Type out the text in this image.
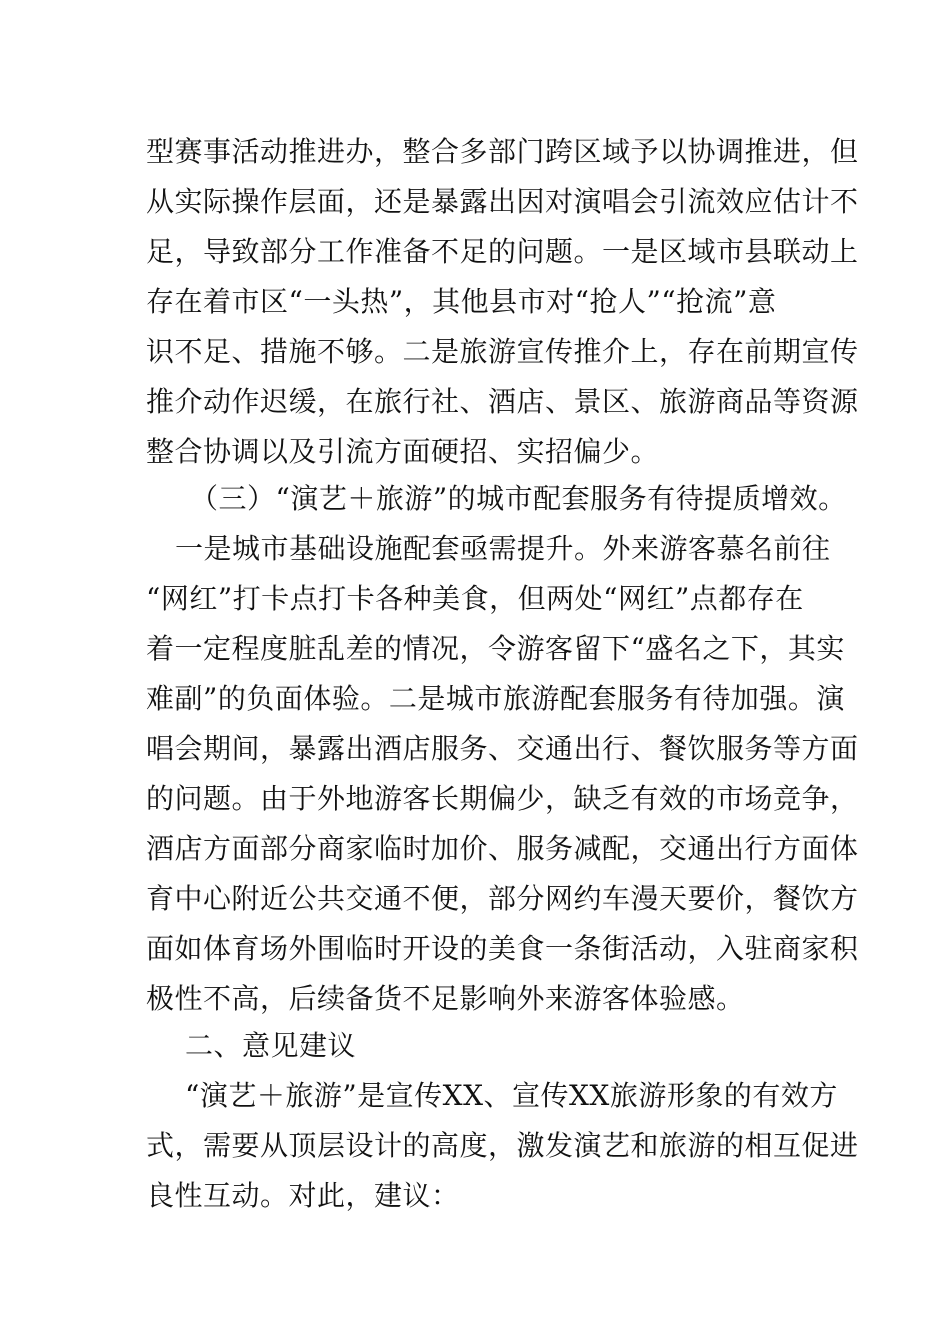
型赛事活动推进办，整合多部门跨区域予以协调推进，但
从实际操作层面，还是暴露出因对演唱会引流效应估计不
足，导致部分工作准备不足的问题。一是区域市县联动上
存在着市区“一头热”，其他县市对“抢人”“抢流”意
识不足、措施不够。二是旅游宣传推介上，存在前期宣传
推介动作迟缓，在旅行社、酒店、景区、旅游商品等资源
整合协调以及引流方面硬招、实招偏少。
（三）“演艺＋旅游”的城市配套服务有待提质增效。
一是城市基础设施配套亟需提升。外来游客慕名前往
“网红”打卡点打卡各种美食，但两处“网红”点都存在
着一定程度脏乱差的情况，令游客留下“盛名之下，其实
难副”的负面体验。二是城市旅游配套服务有待加强。演
唱会期间，暴露出酒店服务、交通出行、餐饮服务等方面
的问题。由于外地游客长期偏少，缺乏有效的市场竞争，
酒店方面部分商家临时加价、服务减配，交通出行方面体
育中心附近公共交通不便，部分网约车漫天要价，餐饮方
面如体育场外围临时开设的美食一条街活动，入驻商家积
极性不高，后续备货不足影响外来游客体验感。
二、意见建议
“演艺＋旅游”是宣传XX、宣传XX旅游形象的有效方
式，需要从顶层设计的高度，激发演艺和旅游的相互促进
良性互动。对此，建议：
